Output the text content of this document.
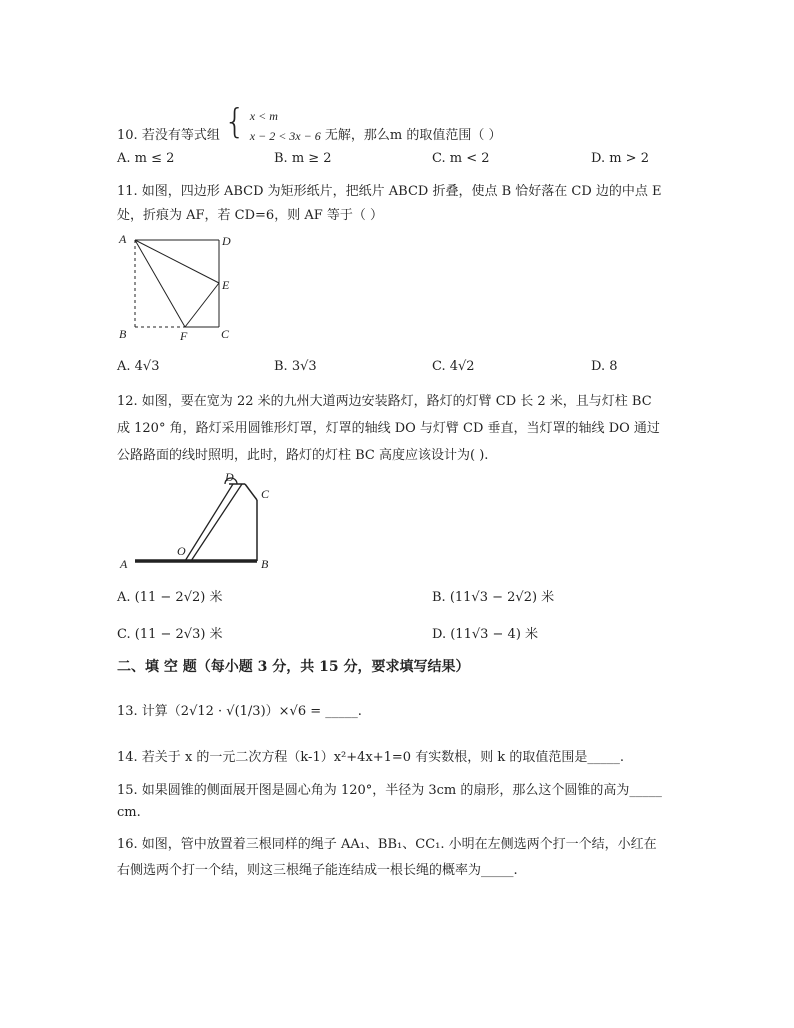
10. 若没有等式组 { x < m
x − 2 < 3x − 6 无解，那么m 的取值范围（ ）
A. m ≤ 2	B. m ≥ 2	C. m < 2	D. m > 2
11. 如图，四边形 ABCD 为矩形纸片，把纸片 ABCD 折叠，使点 B 恰好落在 CD 边的中点 E
处，折痕为 AF，若 CD=6，则 AF 等于（ ）
A	D
E
B	F	C
A. 4√3	B. 3√3	C. 4√2	D. 8
12. 如图，要在宽为 22 米的九州大道两边安装路灯，路灯的灯臂 CD 长 2 米，且与灯柱 BC
成 120° 角，路灯采用圆锥形灯罩，灯罩的轴线 DO 与灯臂 CD 垂直，当灯罩的轴线 DO 通过
公路路面的线时照明，此时，路灯的灯柱 BC 高度应该设计为( ).
D
C
O
A	B
A. (11 − 2√2) 米	B. (11√3 − 2√2) 米
C. (11 − 2√3) 米	D. (11√3 − 4) 米
二、填 空 题（每小题 3 分，共 15 分，要求填写结果）
13. 计算（2√12 · √(1/3)）×√6 = _____.
14. 若关于 x 的一元二次方程（k-1）x²+4x+1=0 有实数根，则 k 的取值范围是_____.
15. 如果圆锥的侧面展开图是圆心角为 120°，半径为 3cm 的扇形，那么这个圆锥的高为_____
cm.
16. 如图，管中放置着三根同样的绳子 AA₁、BB₁、CC₁. 小明在左侧选两个打一个结，小红在
右侧选两个打一个结，则这三根绳子能连结成一根长绳的概率为_____.
